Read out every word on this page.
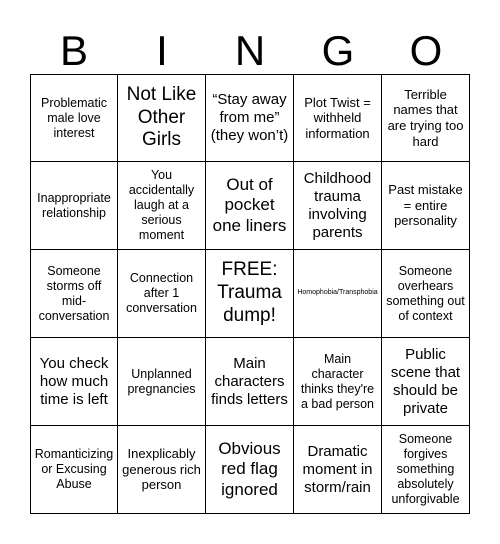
B	I	N	G	O
Problematic male love interest
Not Like Other Girls
“Stay away from me” (they won’t)
Plot Twist = withheld information
Terrible names that are trying too hard
Inappropriate relationship
You accidentally laugh at a serious moment
Out of pocket one liners
Childhood trauma involving parents
Past mistake = entire personality
Someone storms off mid-conversation
Connection after 1 conversation
FREE: Trauma dump!
Homophobia/Transphobia
Someone overhears something out of context
You check how much time is left
Unplanned pregnancies
Main characters finds letters
Main character thinks they're a bad person
Public scene that should be private
Romanticizing or Excusing Abuse
Inexplicably generous rich person
Obvious red flag ignored
Dramatic moment in storm/rain
Someone forgives something absolutely unforgivable
